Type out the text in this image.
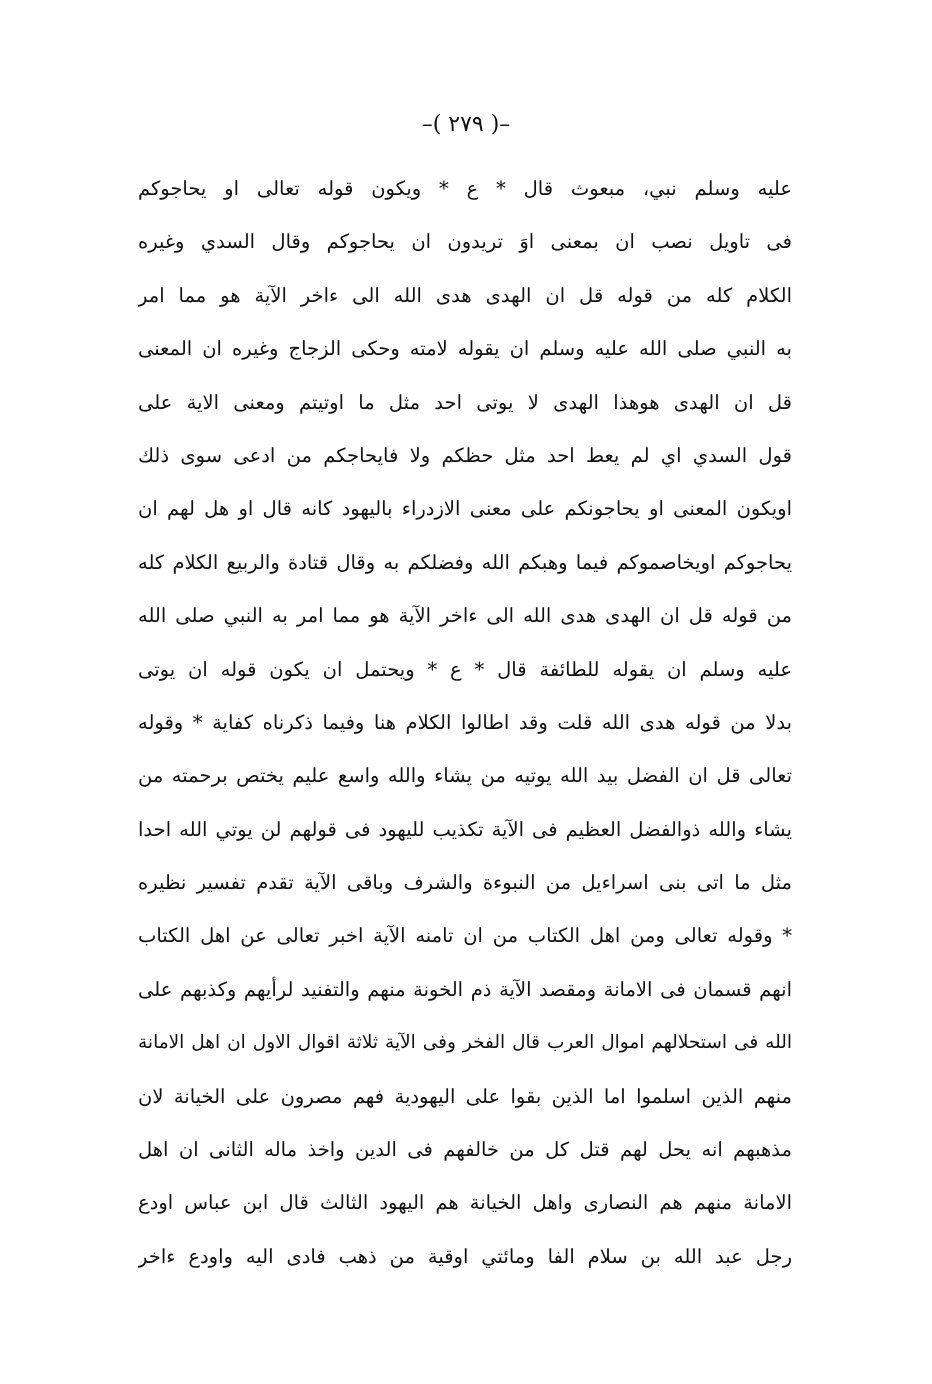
–( ٢٧٩ )–
عليه وسلم نبي، مبعوث قال * ع * ويكون قوله تعالى او يحاجوكم
فى تاويل نصب ان بمعنى اوَ تريدون ان يحاجوكم وقال السدي وغيره
الكلام كله من قوله قل ان الهدى هدى الله الى ءاخر الآية هو مما امر
به النبي صلى الله عليه وسلم ان يقوله لامته وحكى الزجاج وغيره ان المعنى
قل ان الهدى هوهذا الهدى لا يوتى احد مثل ما اوتيتم ومعنى الاية على
قول السدي اي لم يعط احد مثل حظكم ولا فايحاجكم من ادعى سوى ذلك
اويكون المعنى او يحاجونكم على معنى الازدراء باليهود كانه قال او هل لهم ان
يحاجوكم اويخاصموكم فيما وهبكم الله وفضلكم به وقال قتادة والربيع الكلام كله
من قوله قل ان الهدى هدى الله الى ءاخر الآية هو مما امر به النبي صلى الله
عليه وسلم ان يقوله للطائفة قال * ع * ويحتمل ان يكون قوله ان يوتى
بدلا من قوله هدى الله قلت وقد اطالوا الكلام هنا وفيما ذكرناه كفاية * وقوله
تعالى قل ان الفضل بيد الله يوتيه من يشاء والله واسع عليم يختص برحمته من
يشاء والله ذوالفضل العظيم فى الآية تكذيب لليهود فى قولهم لن يوتي الله احدا
مثل ما اتى بنى اسراءيل من النبوءة والشرف وباقى الآية تقدم تفسير نظيره
* وقوله تعالى ومن اهل الكتاب من ان تامنه الآية اخبر تعالى عن اهل الكتاب
انهم قسمان فى الامانة ومقصد الآية ذم الخونة منهم والتفنيد لرأيهم وكذبهم على
الله فى استحلالهم اموال العرب قال الفخر وفى الآية ثلاثة اقوال الاول ان اهل الامانة
منهم الذين اسلموا اما الذين بقوا على اليهودية فهم مصرون على الخيانة لان
مذهبهم انه يحل لهم قتل كل من خالفهم فى الدين واخذ ماله الثانى ان اهل
الامانة منهم هم النصارى واهل الخيانة هم اليهود الثالث قال ابن عباس اودع
رجل عبد الله بن سلام الفا ومائتي اوقية من ذهب فادى اليه واودع ءاخر
